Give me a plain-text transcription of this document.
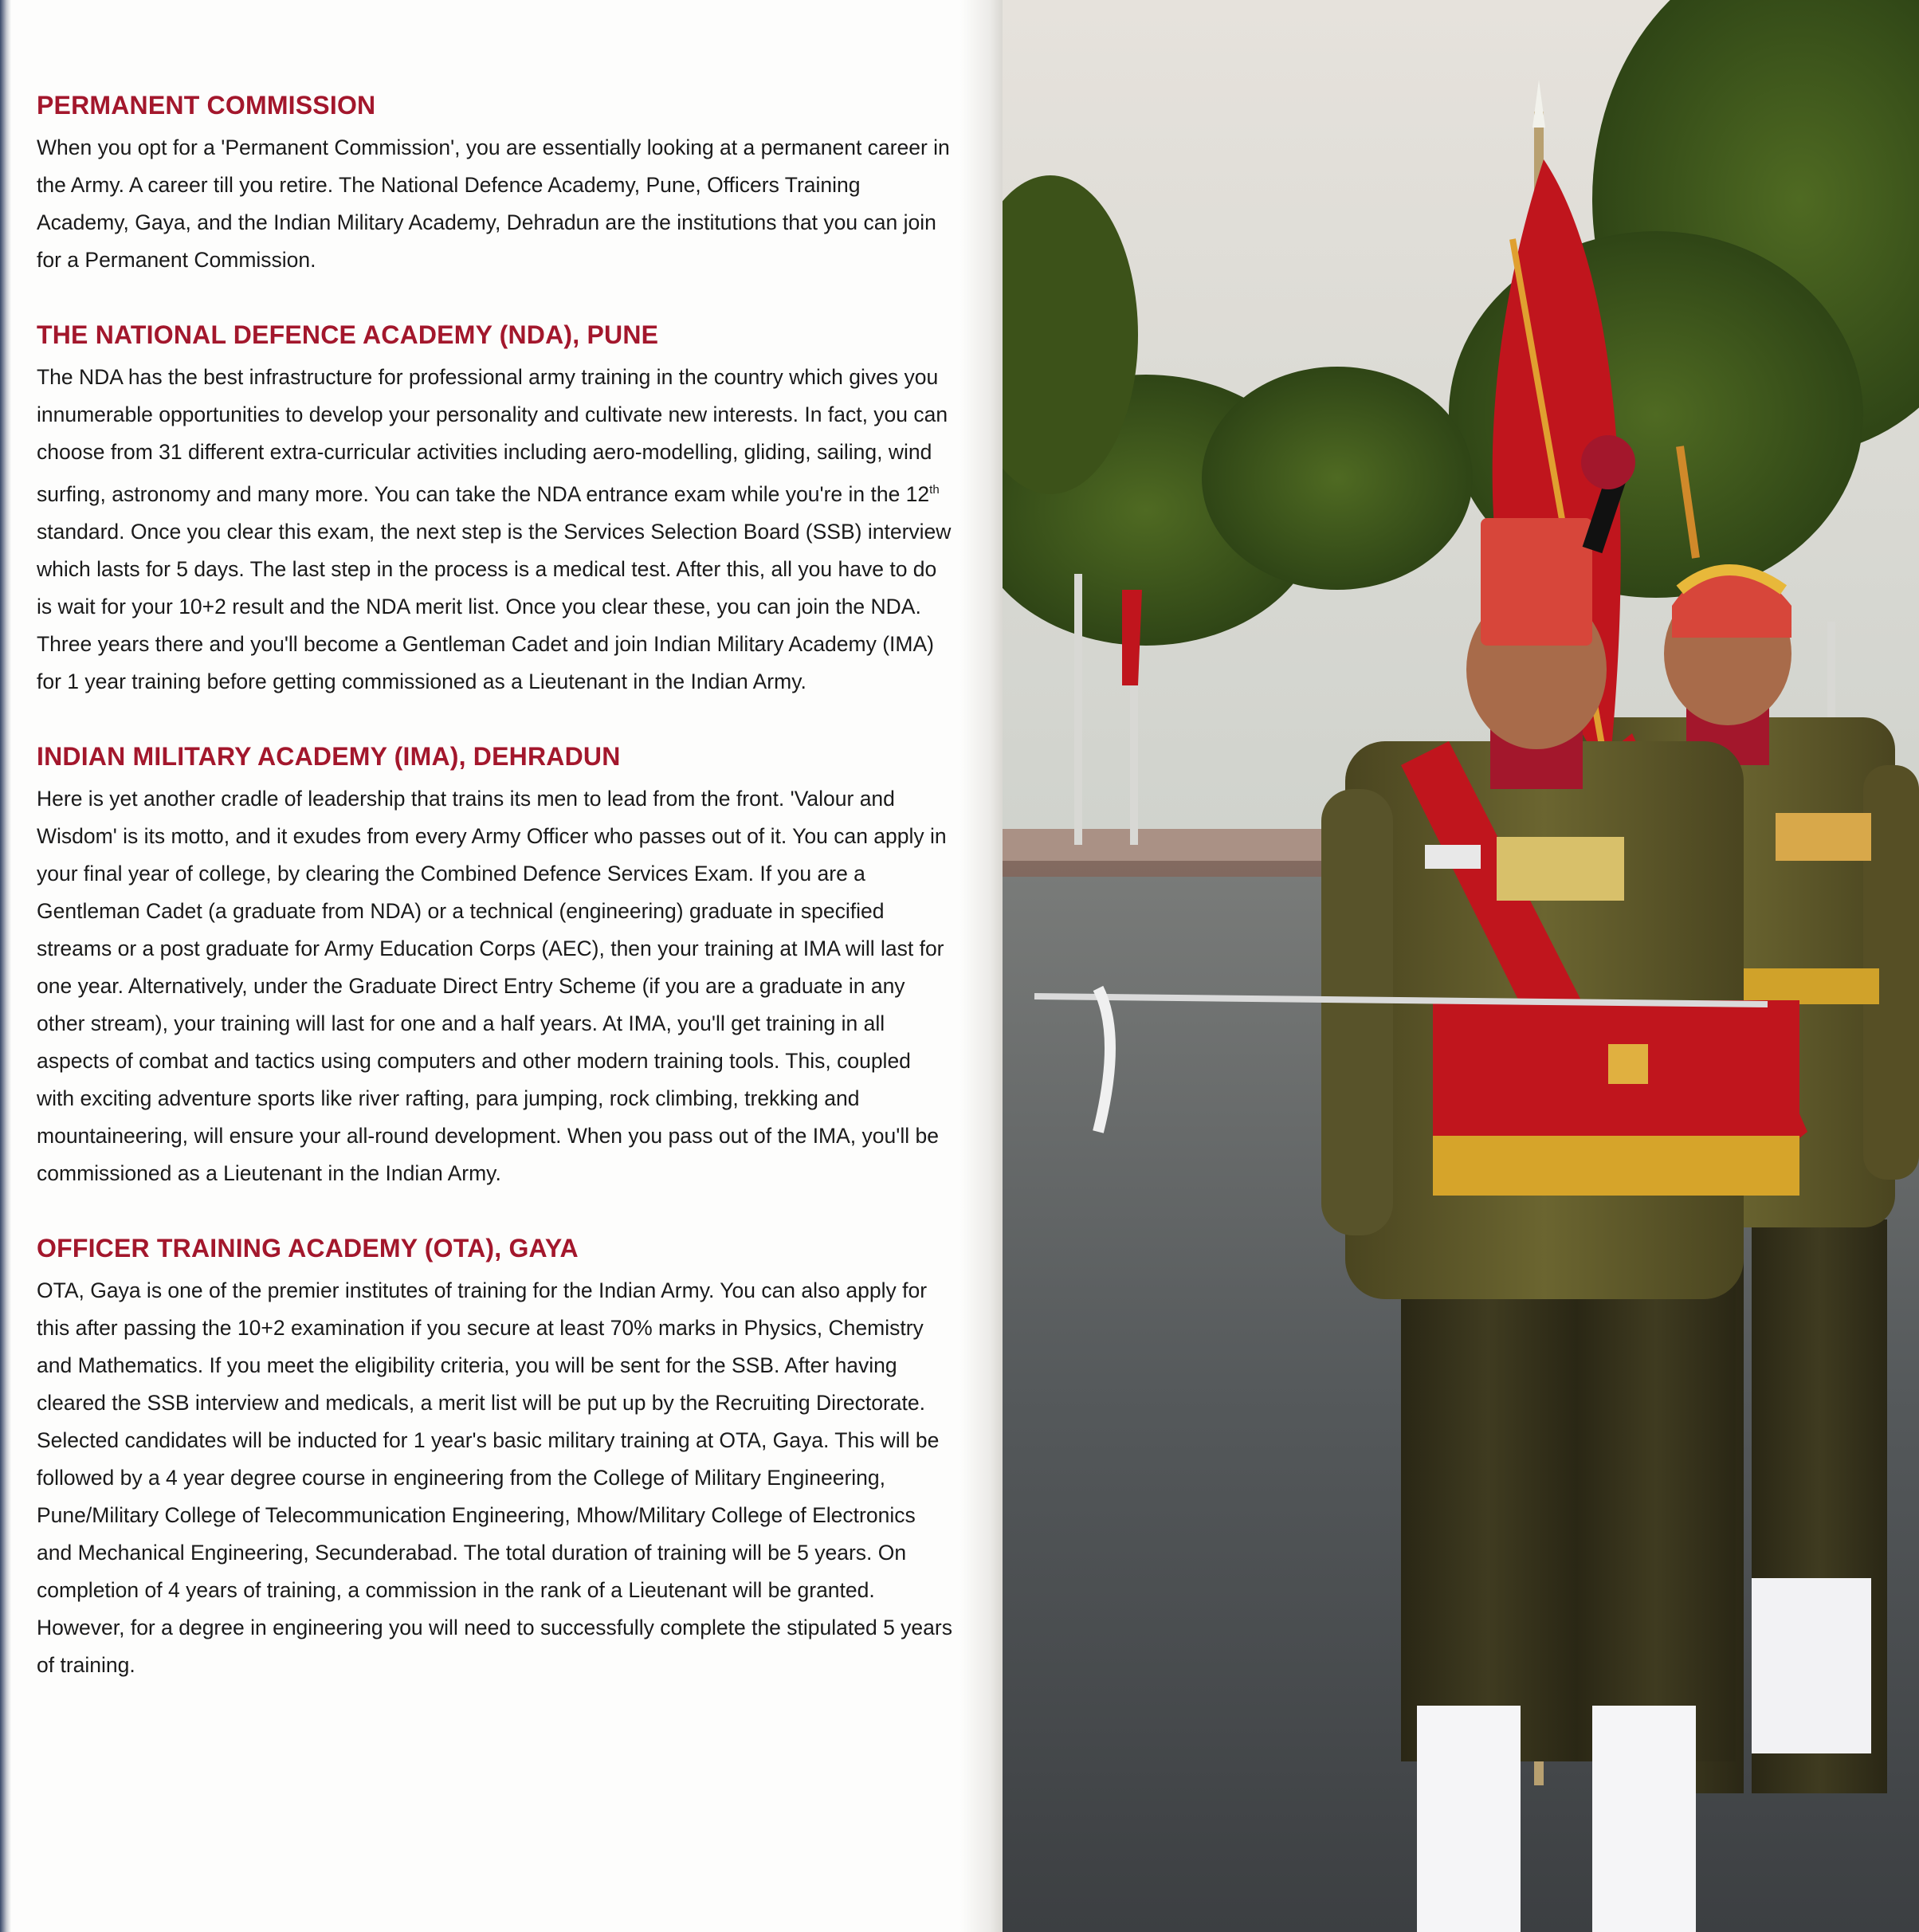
PERMANENT COMMISSION

When you opt for a 'Permanent Commission', you are essentially looking at a permanent career in the Army. A career till you retire. The National Defence Academy, Pune, Officers Training Academy, Gaya, and the Indian Military Academy, Dehradun are the institutions that you can join for a Permanent Commission.

THE NATIONAL DEFENCE ACADEMY (NDA), PUNE

The NDA has the best infrastructure for professional army training in the country which gives you innumerable opportunities to develop your personality and cultivate new interests. In fact, you can choose from 31 different extra-curricular activities including aero-modelling, gliding, sailing, wind surfing, astronomy and many more. You can take the NDA entrance exam while you're in the 12th standard. Once you clear this exam, the next step is the Services Selection Board (SSB) interview which lasts for 5 days. The last step in the process is a medical test. After this, all you have to do is wait for your 10+2 result and the NDA merit list. Once you clear these, you can join the NDA. Three years there and you'll become a Gentleman Cadet and join Indian Military Academy (IMA) for 1 year training before getting commissioned as a Lieutenant in the Indian Army.

INDIAN MILITARY ACADEMY (IMA), DEHRADUN

Here is yet another cradle of leadership that trains its men to lead from the front. 'Valour and Wisdom' is its motto, and it exudes from every Army Officer who passes out of it. You can apply in your final year of college, by clearing the Combined Defence Services Exam. If you are a Gentleman Cadet (a graduate from NDA) or a technical (engineering) graduate in specified streams or a post graduate for Army Education Corps (AEC), then your training at IMA will last for one year. Alternatively, under the Graduate Direct Entry Scheme (if you are a graduate in any other stream), your training will last for one and a half years. At IMA, you'll get training in all aspects of combat and tactics using computers and other modern training tools. This, coupled with exciting adventure sports like river rafting, para jumping, rock climbing, trekking and mountaineering, will ensure your all-round development. When you pass out of the IMA, you'll be commissioned as a Lieutenant in the Indian Army.

OFFICER TRAINING ACADEMY (OTA), GAYA

OTA, Gaya is one of the premier institutes of training for the Indian Army. You can also apply for this after passing the 10+2 examination if you secure at least 70% marks in Physics, Chemistry and Mathematics. If you meet the eligibility criteria, you will be sent for the SSB. After having cleared the SSB interview and medicals, a merit list will be put up by the Recruiting Directorate. Selected candidates will be inducted for 1 year's basic military training at OTA, Gaya. This will be followed by a 4 year degree course in engineering from the College of Military Engineering, Pune/Military College of Telecommunication Engineering, Mhow/Military College of Electronics and Mechanical Engineering, Secunderabad. The total duration of training will be 5 years. On completion of 4 years of training, a commission in the rank of a Lieutenant will be granted. However, for a degree in engineering you will need to successfully complete the stipulated 5 years of training.
